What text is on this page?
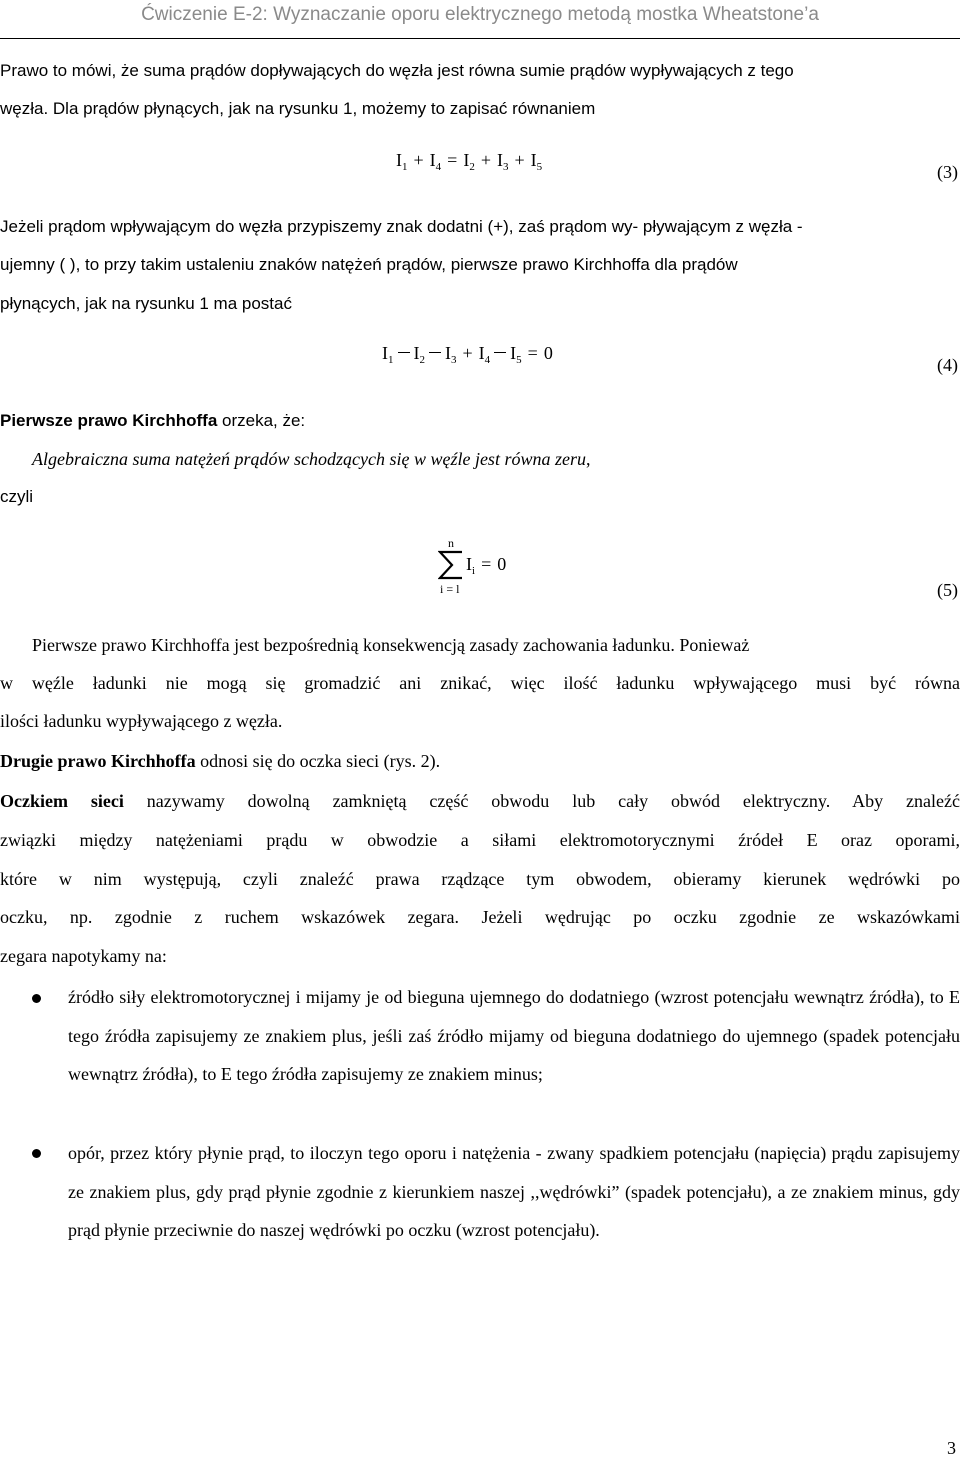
Ćwiczenie E-2: Wyznaczanie oporu elektrycznego metodą mostka Wheatstone’a
Prawo to mówi, że suma prądów dopływających do węzła jest równa sumie prądów wypływających z tego
węzła. Dla prądów płynących, jak na rysunku 1, możemy to zapisać równaniem
$I_1 + I_4 = I_2 + I_3 + I_5$	(3)
Jeżeli prądom wpływającym do węzła przypiszemy znak dodatni (+), zaś prądom wy- pływającym z węzła -
ujemny ( ), to przy takim ustaleniu znaków natężeń prądów, pierwsze prawo Kirchhoffa dla prądów
płynących, jak na rysunku 1 ma postać
$I_1$ $I_2$ $I_3 + I_4$ $I_5 = 0$
(4)
Pierwsze prawo Kirchhoffa orzeka, że:
Algebraiczna suma natężeń prądów schodzących się w węźle jest równa zeru,
czyli
n
i = l
$I_i = 0$
(5)
Pierwsze prawo Kirchhoffa jest bezpośrednią konsekwencją zasady zachowania ładunku. Ponieważ
w węźle ładunki nie mogą się gromadzić ani znikać, więc ilość ładunku wpływającego musi być równa
ilości ładunku wypływającego z węzła.
Drugie prawo Kirchhoffa odnosi się do oczka sieci (rys. 2).
Oczkiem sieci nazywamy dowolną zamkniętą część obwodu lub cały obwód elektryczny. Aby znaleźć
związki między natężeniami prądu w obwodzie a siłami elektromotorycznymi źródeł E oraz oporami,
które w nim występują, czyli znaleźć prawa rządzące tym obwodem, obieramy kierunek wędrówki po
oczku, np. zgodnie z ruchem wskazówek zegara. Jeżeli wędrując po oczku zgodnie ze wskazówkami
zegara napotykamy na:
źródło siły elektromotorycznej i mijamy je od bieguna ujemnego do dodatniego (wzrost potencjału wewnątrz źródła), to E tego źródła zapisujemy ze znakiem plus, jeśli zaś źródło mijamy od bieguna dodatniego do ujemnego (spadek potencjału wewnątrz źródła), to E tego źródła zapisujemy ze znakiem minus;
opór, przez który płynie prąd, to iloczyn tego oporu i natężenia - zwany spadkiem potencjału (napięcia) prądu zapisujemy ze znakiem plus, gdy prąd płynie zgodnie z kierunkiem naszej ,,wędrówki” (spadek potencjału), a ze znakiem minus, gdy prąd płynie przeciwnie do naszej wędrówki po oczku (wzrost potencjału).
3
